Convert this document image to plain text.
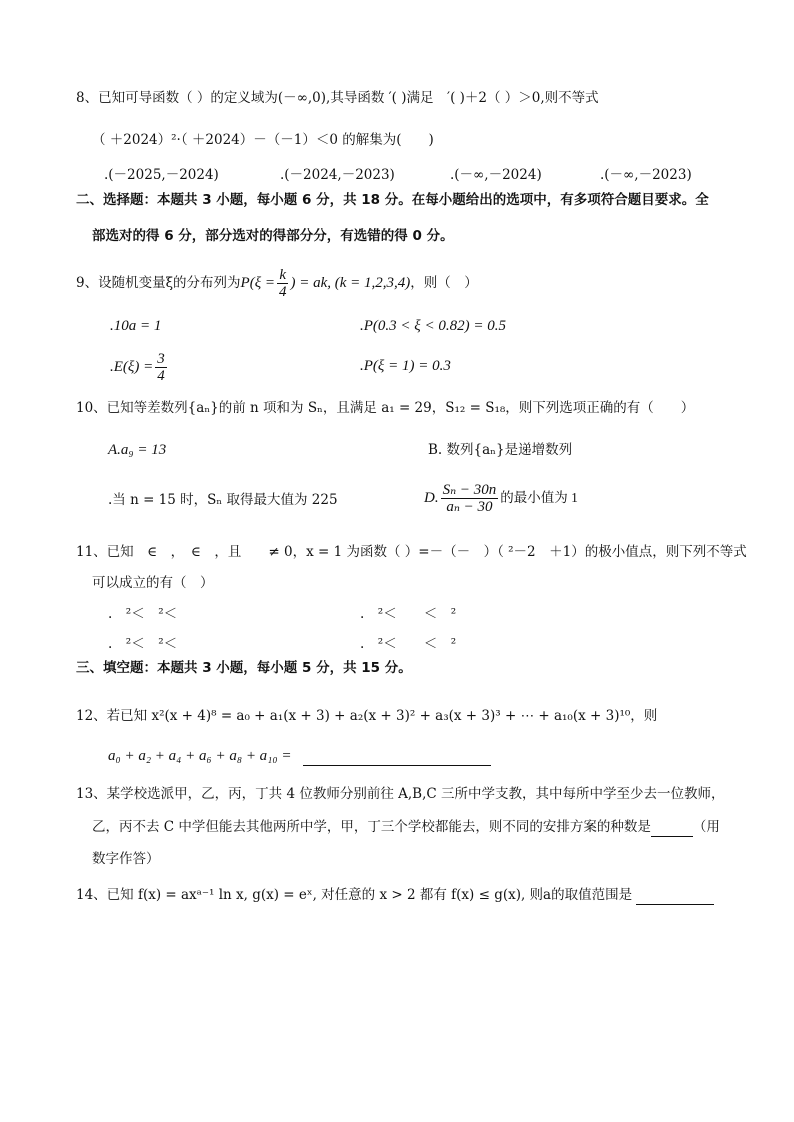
8、已知可导函数（ ）的定义域为(－∞,0),其导函数 ′( )满足　′( )＋2（ ）＞0,则不等式
（ ＋2024）²·（ ＋2024）－（－1）＜0 的解集为(　　)
.(－2025,－2024)	.(－2024,－2023)	.(－∞,－2024)	.(－∞,－2023)
二、选择题：本题共 3 小题，每小题 6 分，共 18 分。在每小题给出的选项中，有多项符合题目要求。全
部选对的得 6 分，部分选对的得部分分，有选错的得 0 分。
9、设随机变量ξ的分布列为$P(\xi = \frac{k}{4}$ ) = ak, (k = 1,2,3,4)，则（　）
.10a = 1	.P(0.3 < ξ < 0.82) = 0.5
$.E(\xi) = \frac{3}{4}$	.P(ξ = 1) = 0.3
10、已知等差数列{aₙ}的前 n 项和为 Sₙ，且满足 a₁ = 29，S₁₂ = S₁₈，则下列选项正确的有（　　）
A.a₉ = 13	B. 数列{aₙ}是递增数列
.当 n = 15 时，Sₙ 取得最大值为 225	D. $\frac{\text{Sₙ − 30n}}{\text{aₙ − 30}}$ 的最小值为 1
11、已知　∈　，　∈　，且　　≠ 0，x = 1 为函数（ ）=－（－　）（ ²－2　＋1）的极小值点，则下列不等式
可以成立的有（　）
.　²＜　²＜	.　²＜　　＜　²
.　²＜　²＜	.　²＜　　＜　²
三、填空题：本题共 3 小题，每小题 5 分，共 15 分。
12、若已知 x²(x + 4)⁸ = a₀ + a₁(x + 3) + a₂(x + 3)² + a₃(x + 3)³ + ⋯ + a₁₀(x + 3)¹⁰，则
a₀ + a₂ + a₄ + a₆ + a₈ + a₁₀ =
13、某学校选派甲，乙，丙，丁共 4 位教师分别前往 A,B,C 三所中学支教，其中每所中学至少去一位教师，
乙，丙不去 C 中学但能去其他两所中学，甲，丁三个学校都能去，则不同的安排方案的种数是	（用
数字作答）
14、已知 f(x) = axᵃ⁻¹ ln x, g(x) = eˣ, 对任意的 x > 2 都有 f(x) ≤ g(x), 则a的取值范围是
